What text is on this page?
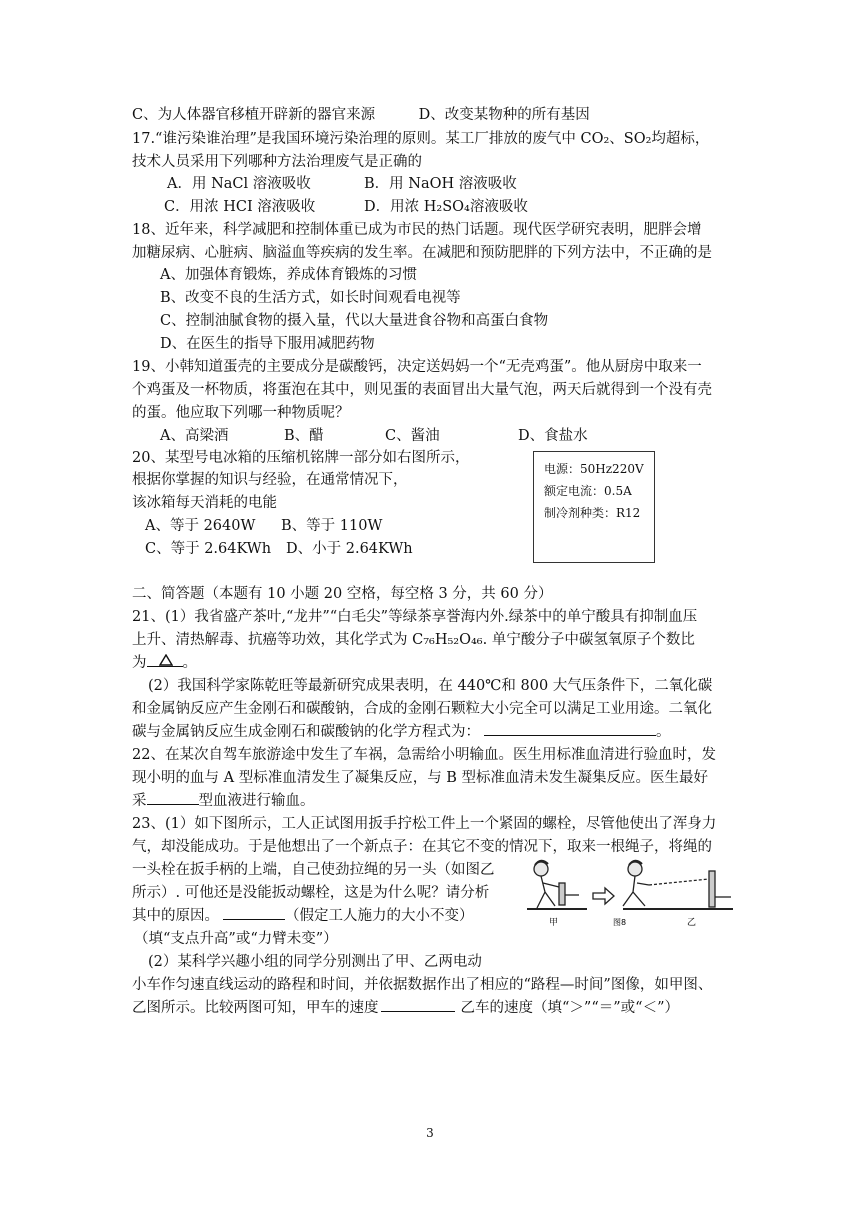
C、为人体器官移植开辟新的器官来源　　　D、改变某物种的所有基因
17.“谁污染谁治理”是我国环境污染治理的原则。某工厂排放的废气中 CO₂、SO₂均超标，
技术人员采用下列哪种方法治理废气是正确的
A．用 NaCl 溶液吸收	B．用 NaOH 溶液吸收
C．用浓 HCI 溶液吸收	D．用浓 H₂SO₄溶液吸收
18、近年来，科学减肥和控制体重已成为市民的热门话题。现代医学研究表明，肥胖会增
加糖尿病、心脏病、脑溢血等疾病的发生率。在减肥和预防肥胖的下列方法中，不正确的是
A、加强体育锻炼，养成体育锻炼的习惯
B、改变不良的生活方式，如长时间观看电视等
C、控制油腻食物的摄入量，代以大量进食谷物和高蛋白食物
D、在医生的指导下服用减肥药物
19、小韩知道蛋壳的主要成分是碳酸钙，决定送妈妈一个“无壳鸡蛋”。他从厨房中取来一
个鸡蛋及一杯物质，将蛋泡在其中，则见蛋的表面冒出大量气泡，两天后就得到一个没有壳
的蛋。他应取下列哪一种物质呢？
A、高梁酒	B、醋	C、酱油	D、食盐水
20、某型号电冰箱的压缩机铭牌一部分如右图所示，
根据你掌握的知识与经验，在通常情况下，
该冰箱每天消耗的电能
A、等于 2640W B、等于 110W
C、等于 2.64KWh D、小于 2.64KWh
电源：50Hz220V
额定电流：0.5A
制冷剂种类：R12
二、简答题（本题有 10 小题 20 空格，每空格 3 分，共 60 分）
21、(1）我省盛产茶叶,“龙井”“白毛尖”等绿茶享誉海内外.绿茶中的单宁酸具有抑制血压
上升、清热解毒、抗癌等功效，其化学式为 C₇₆H₅₂O₄₆. 单宁酸分子中碳氢氧原子个数比
为 。
(2）我国科学家陈乾旺等最新研究成果表明，在 440℃和 800 大气压条件下，二氧化碳
和金属钠反应产生金刚石和碳酸钠，合成的金刚石颗粒大小完全可以满足工业用途。二氧化
碳与金属钠反应生成金刚石和碳酸钠的化学方程式为：	。
22、在某次自驾车旅游途中发生了车祸，急需给小明输血。医生用标准血清进行验血时，发
现小明的血与 A 型标准血清发生了凝集反应，与 B 型标准血清未发生凝集反应。医生最好
采	型血液进行输血。
23、(1）如下图所示，工人正试图用扳手拧松工件上一个紧固的螺栓，尽管他使出了浑身力
气，却没能成功。于是他想出了一个新点子：在其它不变的情况下，取来一根绳子，将绳的
一头栓在扳手柄的上端，自己使劲拉绳的另一头（如图乙
所示）. 可他还是没能扳动螺栓，这是为什么呢？请分析
其中的原因。	（假定工人施力的大小不变）
（填“支点升高”或“力臂未变”）
(2）某科学兴趣小组的同学分别测出了甲、乙两电动
小车作匀速直线运动的路程和时间，并依据数据作出了相应的“路程—时间”图像，如甲图、
乙图所示。比较两图可知，甲车的速度	乙车的速度（填“＞”“＝”或“＜”）
甲	图8	乙
3
